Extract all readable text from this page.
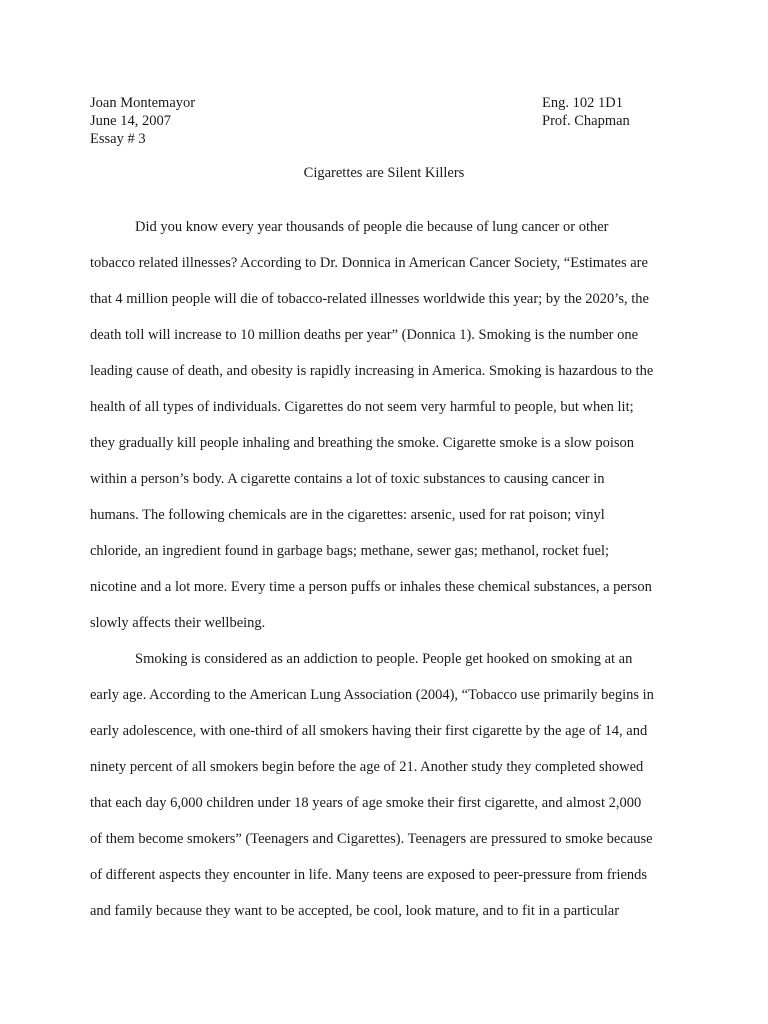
Joan Montemayor
June 14, 2007
Essay # 3
Eng. 102 1D1
Prof. Chapman
Cigarettes are Silent Killers
Did you know every year thousands of people die because of lung cancer or other
tobacco related illnesses? According to Dr. Donnica in American Cancer Society, “Estimates are
that 4 million people will die of tobacco-related illnesses worldwide this year; by the 2020’s, the
death toll will increase to 10 million deaths per year” (Donnica 1). Smoking is the number one
leading cause of death, and obesity is rapidly increasing in America. Smoking is hazardous to the
health of all types of individuals. Cigarettes do not seem very harmful to people, but when lit;
they gradually kill people inhaling and breathing the smoke. Cigarette smoke is a slow poison
within a person’s body. A cigarette contains a lot of toxic substances to causing cancer in
humans. The following chemicals are in the cigarettes: arsenic, used for rat poison; vinyl
chloride, an ingredient found in garbage bags; methane, sewer gas; methanol, rocket fuel;
nicotine and a lot more. Every time a person puffs or inhales these chemical substances, a person
slowly affects their wellbeing.
Smoking is considered as an addiction to people. People get hooked on smoking at an
early age. According to the American Lung Association (2004), “Tobacco use primarily begins in
early adolescence, with one-third of all smokers having their first cigarette by the age of 14, and
ninety percent of all smokers begin before the age of 21. Another study they completed showed
that each day 6,000 children under 18 years of age smoke their first cigarette, and almost 2,000
of them become smokers” (Teenagers and Cigarettes). Teenagers are pressured to smoke because
of different aspects they encounter in life. Many teens are exposed to peer-pressure from friends
and family because they want to be accepted, be cool, look mature, and to fit in a particular
